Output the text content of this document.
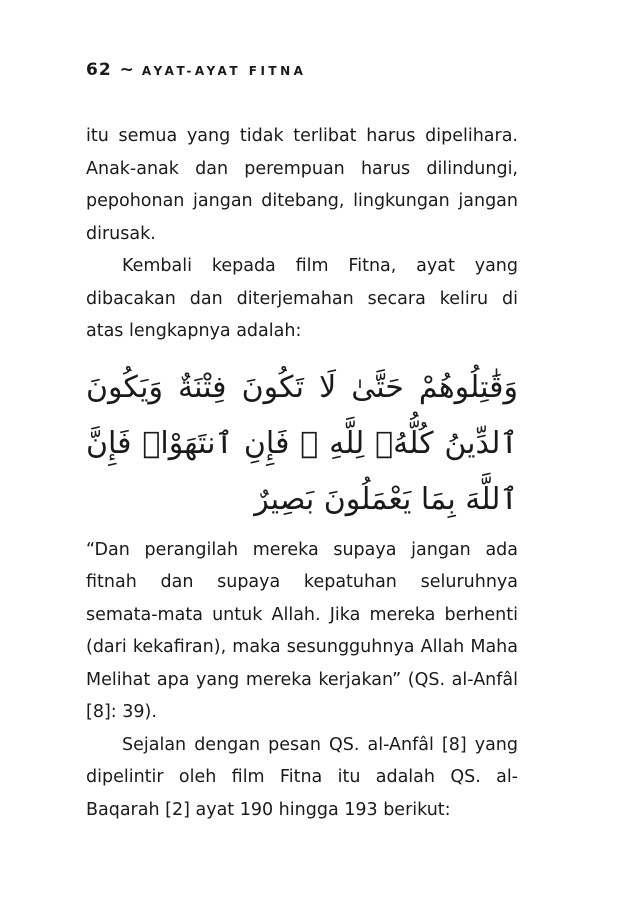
62 ~ AYAT-AYAT FITNA

itu semua yang tidak terlibat harus dipelihara. Anak-anak dan perempuan harus dilindungi, pepohonan jangan ditebang, lingkungan jangan dirusak.

Kembali kepada film Fitna, ayat yang dibacakan dan diterjemahan secara keliru di atas lengkapnya adalah:

وَقَٰتِلُوهُمْ حَتَّىٰ لَا تَكُونَ فِتْنَةٌ وَيَكُونَ ٱلدِّينُ كُلُّهُۥ لِلَّهِ ۚ فَإِنِ ٱنتَهَوْا۟ فَإِنَّ ٱللَّهَ بِمَا يَعْمَلُونَ بَصِيرٌ

“Dan perangilah mereka supaya jangan ada fitnah dan supaya kepatuhan seluruhnya semata-mata untuk Allah. Jika mereka berhenti (dari kekafiran), maka sesungguhnya Allah Maha Melihat apa yang mereka kerjakan” (QS. al-Anfâl [8]: 39).

Sejalan dengan pesan QS. al-Anfâl [8] yang dipelintir oleh film Fitna itu adalah QS. al-Baqarah [2] ayat 190 hingga 193 berikut:
